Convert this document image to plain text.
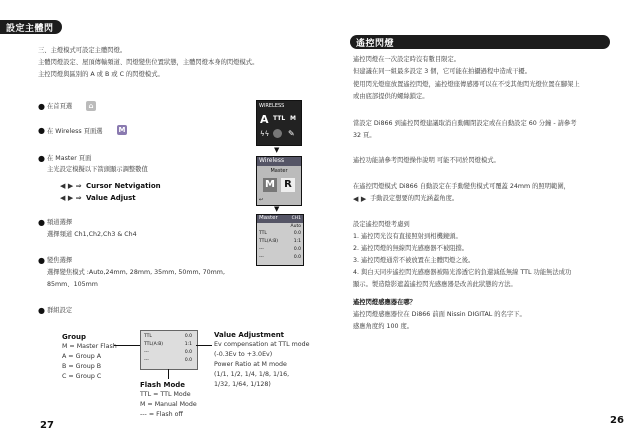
設定主體閃燈
三、主燈模式可設定主體閃燈。
主體閃燈設定、屋頂傳輸頻道、閃燈變焦位置狀態，主體閃燈本身的閃燈模式。
主控閃燈與區別的 A 或 B 或 C 的閃燈模式。
● 在首頁選	⌂
● 在 Wireless 頁面選 M
● 在 Master 頁面
主光設定模擬以下箭頭顯示調整數值
◀ ▶ ⇒ Cursor Netvigation
◀ ▶ ⇒ Value Adjust
● 頻道選擇
選擇頻道 Ch1,Ch2,Ch3 & Ch4
● 變焦選擇
選擇變焦模式 :Auto,24mm, 28mm, 35mm, 50mm, 70mm,
85mm、105mm
● 群組設定
Group
M = Master Flash
A = Group A
B = Group B
C = Group C
TTL	0.0
TTL(A:B)	1:1
---	0.0
---	0.0
Flash Mode
TTL = TTL Mode
M = Manual Mode
--- = Flash off
Value Adjustment
Ev compensation at TTL mode
(-0.3Ev to +3.0Ev)
Power Ratio at M mode
(1/1, 1/2, 1/4, 1/8, 1/16,
1/32, 1/64, 1/128)
WIRELESS
A TTL M
ϟϟ ✎
▼
Wireless
Master
M R
↩
▼
Master	CH1
Auto
TTL	0.0
TTL(A:B)	1:1
---	0.0
---	0.0
27
遙控閃燈
遙控閃燈在一次設定時沒有數目限定。
但建議在同一組最多設定 3 個，它可能在拍攝過程中造成干擾。
使用閃光燈座放置遙控閃燈，遙控燈座傳感器可以在不受其他閃光燈位置在腳架上
或由底部提供的螺絲鎖定。
當設定 Di866 到遙控閃燈建議取消自動關閉設定或在自動設定 60 分鐘 - 請參考
32 頁。
遙控功能請參考閃燈操作說明 可能不同於閃燈模式。
在遙控閃燈模式 Di866 自動設定在手動變焦模式可覆蓋 24mm 的照明範圍，
◀ ▶ 手動設定想要的閃光涵蓋角度。
設定遙控閃燈考慮到
1. 遙控閃光沒有直接照射到相機鏡頭。
2. 遙控閃燈的無線閃光感應器不被阻擋。
3. 遙控閃燈通常不被放置在主體閃燈之後。
4. 與白天同步遙控閃光感應器被陽光滲透它的負還減低無線 TTL 功能無法成功
顯示。製造陰影遮蓋遙控閃光感應器是改善此狀態的方法。
遙控閃燈感應器在哪？
遙控閃燈感應器位在 Di866 前面 Nissin DIGITAL 的名字下。
感應角度約 100 度。
26
